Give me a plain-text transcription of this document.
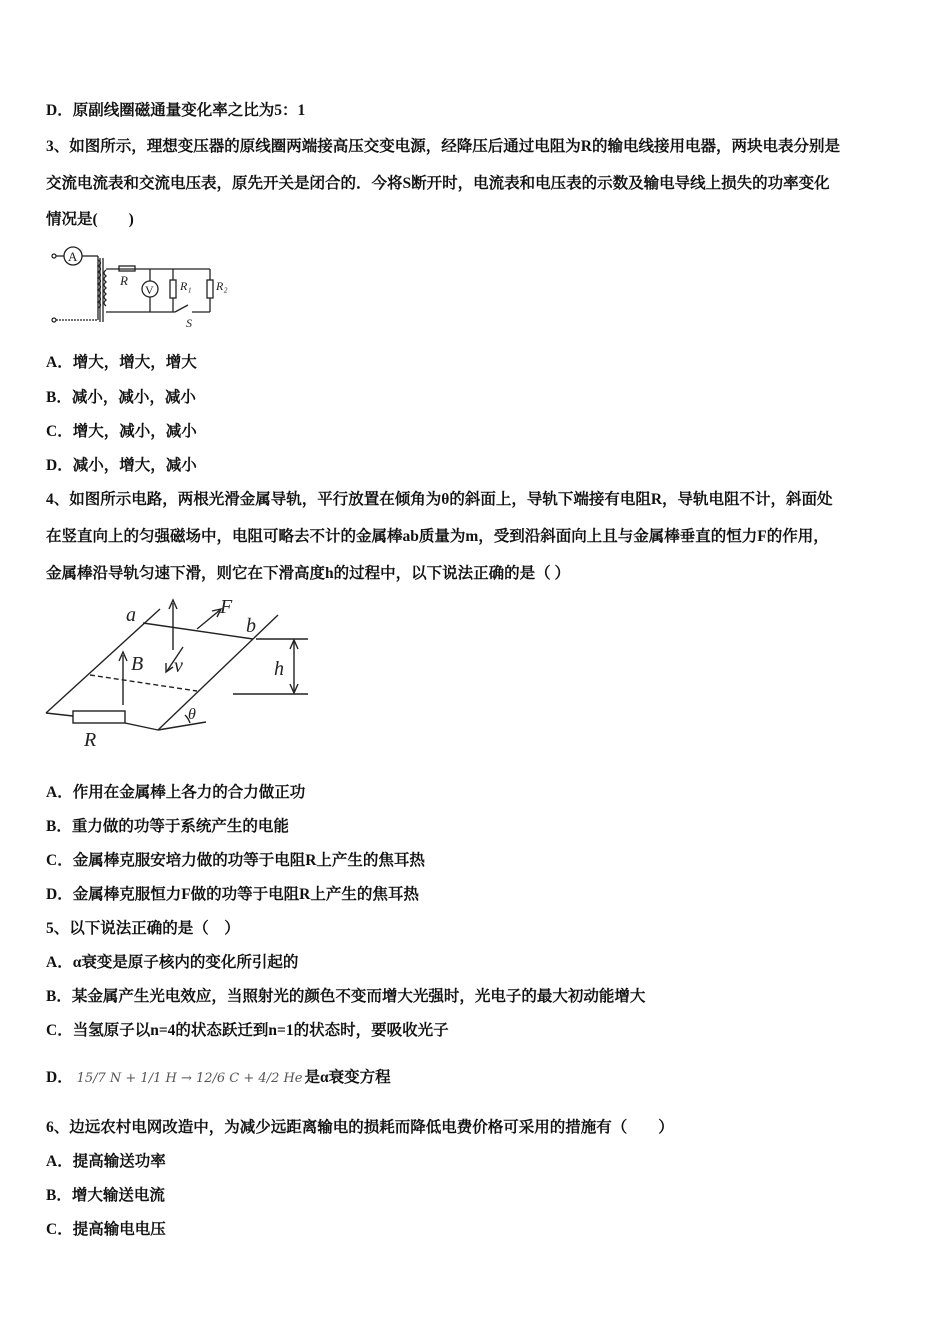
D．原副线圈磁通量变化率之比为5：1
3、如图所示，理想变压器的原线圈两端接高压交变电源，经降压后通过电阻为R的输电线接用电器，两块电表分别是
交流电流表和交流电压表，原先开关是闭合的．今将S断开时，电流表和电压表的示数及输电导线上损失的功率变化
情况是(　　)
A
R
V R₁ R₂
S
A．增大，增大，增大
B．减小，减小，减小
C．增大，减小，减小
D．减小，增大，减小
4、如图所示电路，两根光滑金属导轨，平行放置在倾角为θ的斜面上，导轨下端接有电阻R，导轨电阻不计，斜面处
在竖直向上的匀强磁场中，电阻可略去不计的金属棒ab质量为m，受到沿斜面向上且与金属棒垂直的恒力F的作用，
金属棒沿导轨匀速下滑，则它在下滑高度h的过程中，以下说法正确的是（ ）
a	F
b
B v	h
θ
R
A．作用在金属棒上各力的合力做正功
B．重力做的功等于系统产生的电能
C．金属棒克服安培力做的功等于电阻R上产生的焦耳热
D．金属棒克服恒力F做的功等于电阻R上产生的焦耳热
5、以下说法正确的是（　）
A．α衰变是原子核内的变化所引起的
B．某金属产生光电效应，当照射光的颜色不变而增大光强时，光电子的最大初动能增大
C．当氢原子以n=4的状态跃迁到n=1的状态时，要吸收光子
D． 15/7 N + 1/1 H → 12/6 C + 4/2 He 是α衰变方程
6、边远农村电网改造中，为减少远距离输电的损耗而降低电费价格可采用的措施有（　　）
A．提高输送功率
B．增大输送电流
C．提高输电电压
